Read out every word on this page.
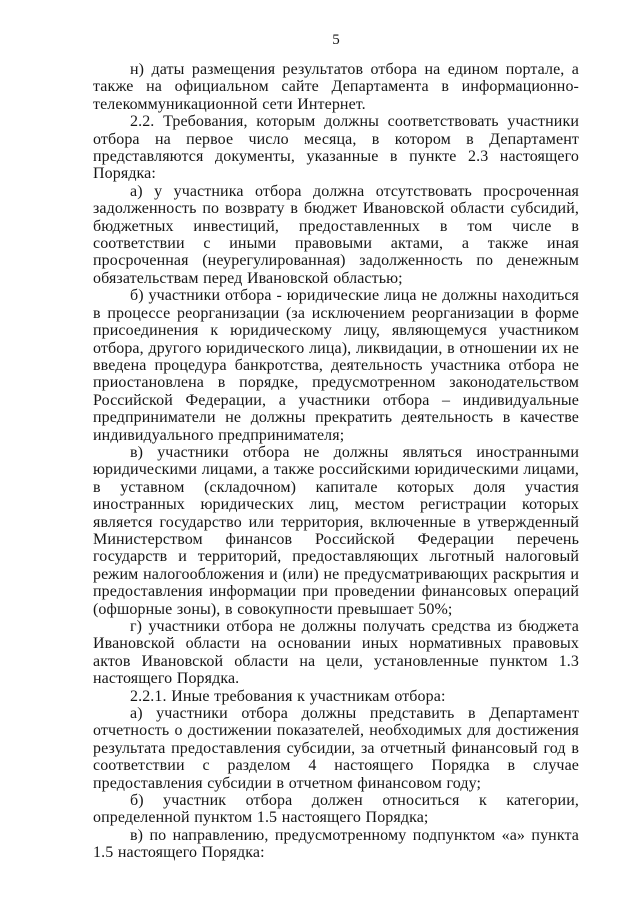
5

н) даты размещения результатов отбора на едином портале, а также на официальном сайте Департамента в информационно-телекоммуникационной сети Интернет.

2.2. Требования, которым должны соответствовать участники отбора на первое число месяца, в котором в Департамент представляются документы, указанные в пункте 2.3 настоящего Порядка:

а) у участника отбора должна отсутствовать просроченная задолженность по возврату в бюджет Ивановской области субсидий, бюджетных инвестиций, предоставленных в том числе в соответствии с иными правовыми актами, а также иная просроченная (неурегулированная) задолженность по денежным обязательствам перед Ивановской областью;

б) участники отбора - юридические лица не должны находиться в процессе реорганизации (за исключением реорганизации в форме присоединения к юридическому лицу, являющемуся участником отбора, другого юридического лица), ликвидации, в отношении их не введена процедура банкротства, деятельность участника отбора не приостановлена в порядке, предусмотренном законодательством Российской Федерации, а участники отбора – индивидуальные предприниматели не должны прекратить деятельность в качестве индивидуального предпринимателя;

в) участники отбора не должны являться иностранными юридическими лицами, а также российскими юридическими лицами, в уставном (складочном) капитале которых доля участия иностранных юридических лиц, местом регистрации которых является государство или территория, включенные в утвержденный Министерством финансов Российской Федерации перечень государств и территорий, предоставляющих льготный налоговый режим налогообложения и (или) не предусматривающих раскрытия и предоставления информации при проведении финансовых операций (офшорные зоны), в совокупности превышает 50%;

г) участники отбора не должны получать средства из бюджета Ивановской области на основании иных нормативных правовых актов Ивановской области на цели, установленные пунктом 1.3 настоящего Порядка.

2.2.1. Иные требования к участникам отбора:

а) участники отбора должны представить в Департамент отчетность о достижении показателей, необходимых для достижения результата предоставления субсидии, за отчетный финансовый год в соответствии с разделом 4 настоящего Порядка в случае предоставления субсидии в отчетном финансовом году;

б) участник отбора должен относиться к категории, определенной пунктом 1.5 настоящего Порядка;

в) по направлению, предусмотренному подпунктом «а» пункта 1.5 настоящего Порядка:
